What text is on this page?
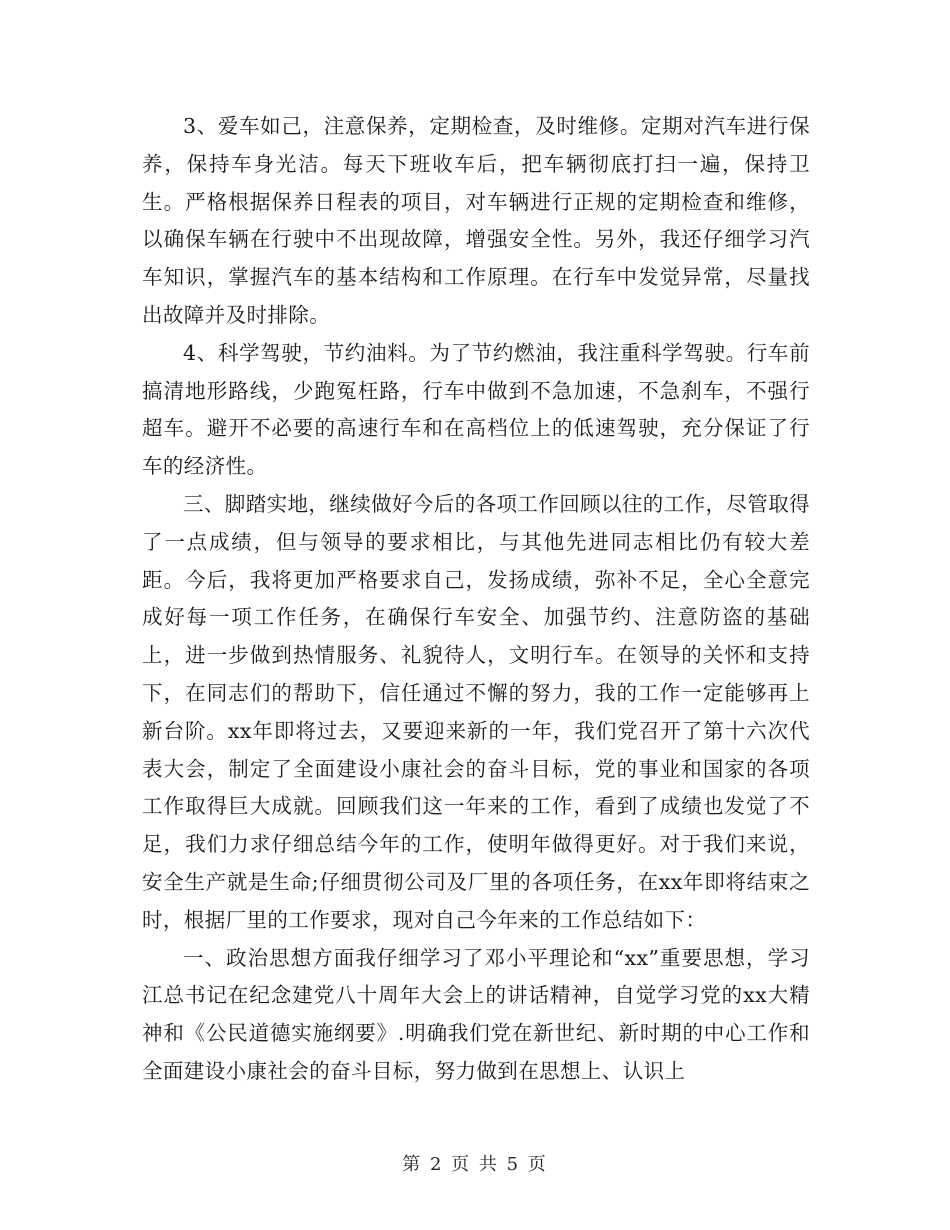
3、爱车如己，注意保养，定期检查，及时维修。定期对汽车进行保养，保持车身光洁。每天下班收车后，把车辆彻底打扫一遍，保持卫生。严格根据保养日程表的项目，对车辆进行正规的定期检查和维修，以确保车辆在行驶中不出现故障，增强安全性。另外，我还仔细学习汽车知识，掌握汽车的基本结构和工作原理。在行车中发觉异常，尽量找出故障并及时排除。

4、科学驾驶，节约油料。为了节约燃油，我注重科学驾驶。行车前搞清地形路线，少跑冤枉路，行车中做到不急加速，不急刹车，不强行超车。避开不必要的高速行车和在高档位上的低速驾驶，充分保证了行车的经济性。

三、脚踏实地，继续做好今后的各项工作回顾以往的工作，尽管取得了一点成绩，但与领导的要求相比，与其他先进同志相比仍有较大差距。今后，我将更加严格要求自己，发扬成绩，弥补不足，全心全意完成好每一项工作任务，在确保行车安全、加强节约、注意防盗的基础上，进一步做到热情服务、礼貌待人，文明行车。在领导的关怀和支持下，在同志们的帮助下，信任通过不懈的努力，我的工作一定能够再上新台阶。xx年即将过去，又要迎来新的一年，我们党召开了第十六次代表大会，制定了全面建设小康社会的奋斗目标，党的事业和国家的各项工作取得巨大成就。回顾我们这一年来的工作，看到了成绩也发觉了不足，我们力求仔细总结今年的工作，使明年做得更好。对于我们来说，安全生产就是生命;仔细贯彻公司及厂里的各项任务，在xx年即将结束之时，根据厂里的工作要求，现对自己今年来的工作总结如下：

一、政治思想方面我仔细学习了邓小平理论和“xx”重要思想，学习江总书记在纪念建党八十周年大会上的讲话精神，自觉学习党的xx大精神和《公民道德实施纲要》.明确我们党在新世纪、新时期的中心工作和全面建设小康社会的奋斗目标，努力做到在思想上、认识上

第 2 页 共 5 页
